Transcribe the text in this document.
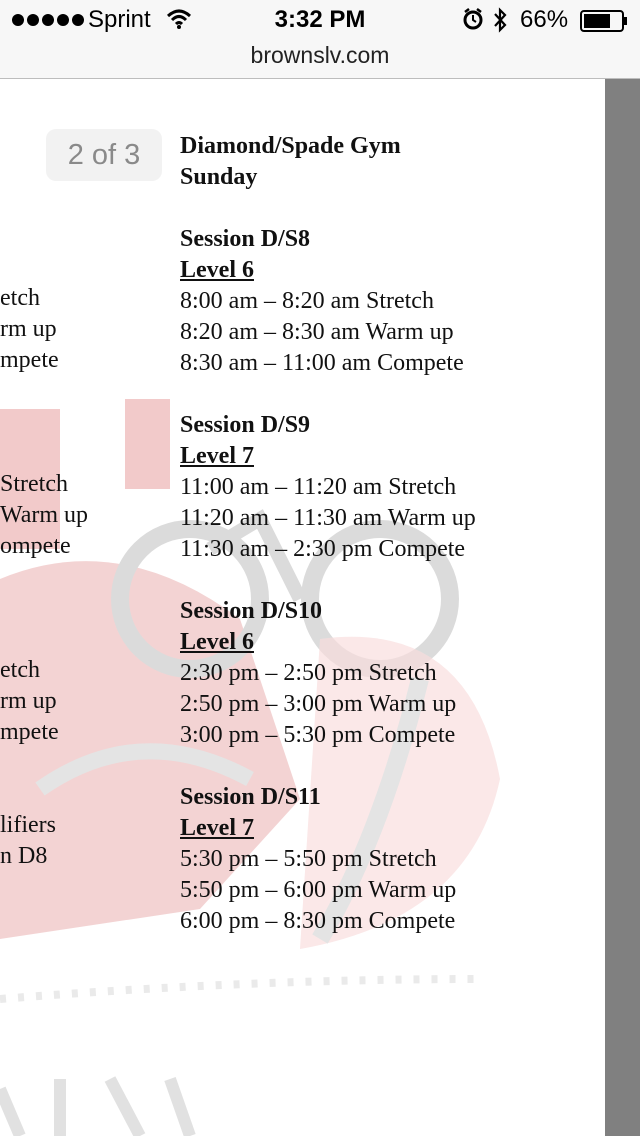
Sprint	3:32 PM	66%
brownslv.com
etch
rm up
mpete
Stretch
Warm up
ompete
etch
rm up
mpete
lifiers
n D8
2 of 3	Diamond/Spade Gym
Sunday
Session D/S8
Level 6
8:00 am – 8:20 am Stretch
8:20 am – 8:30 am Warm up
8:30 am – 11:00 am Compete
Session D/S9
Level 7
11:00 am – 11:20 am Stretch
11:20 am – 11:30 am Warm up
11:30 am – 2:30 pm Compete
Session D/S10
Level 6
2:30 pm – 2:50 pm Stretch
2:50 pm – 3:00 pm Warm up
3:00 pm – 5:30 pm Compete
Session D/S11
Level 7
5:30 pm – 5:50 pm Stretch
5:50 pm – 6:00 pm Warm up
6:00 pm – 8:30 pm Compete
